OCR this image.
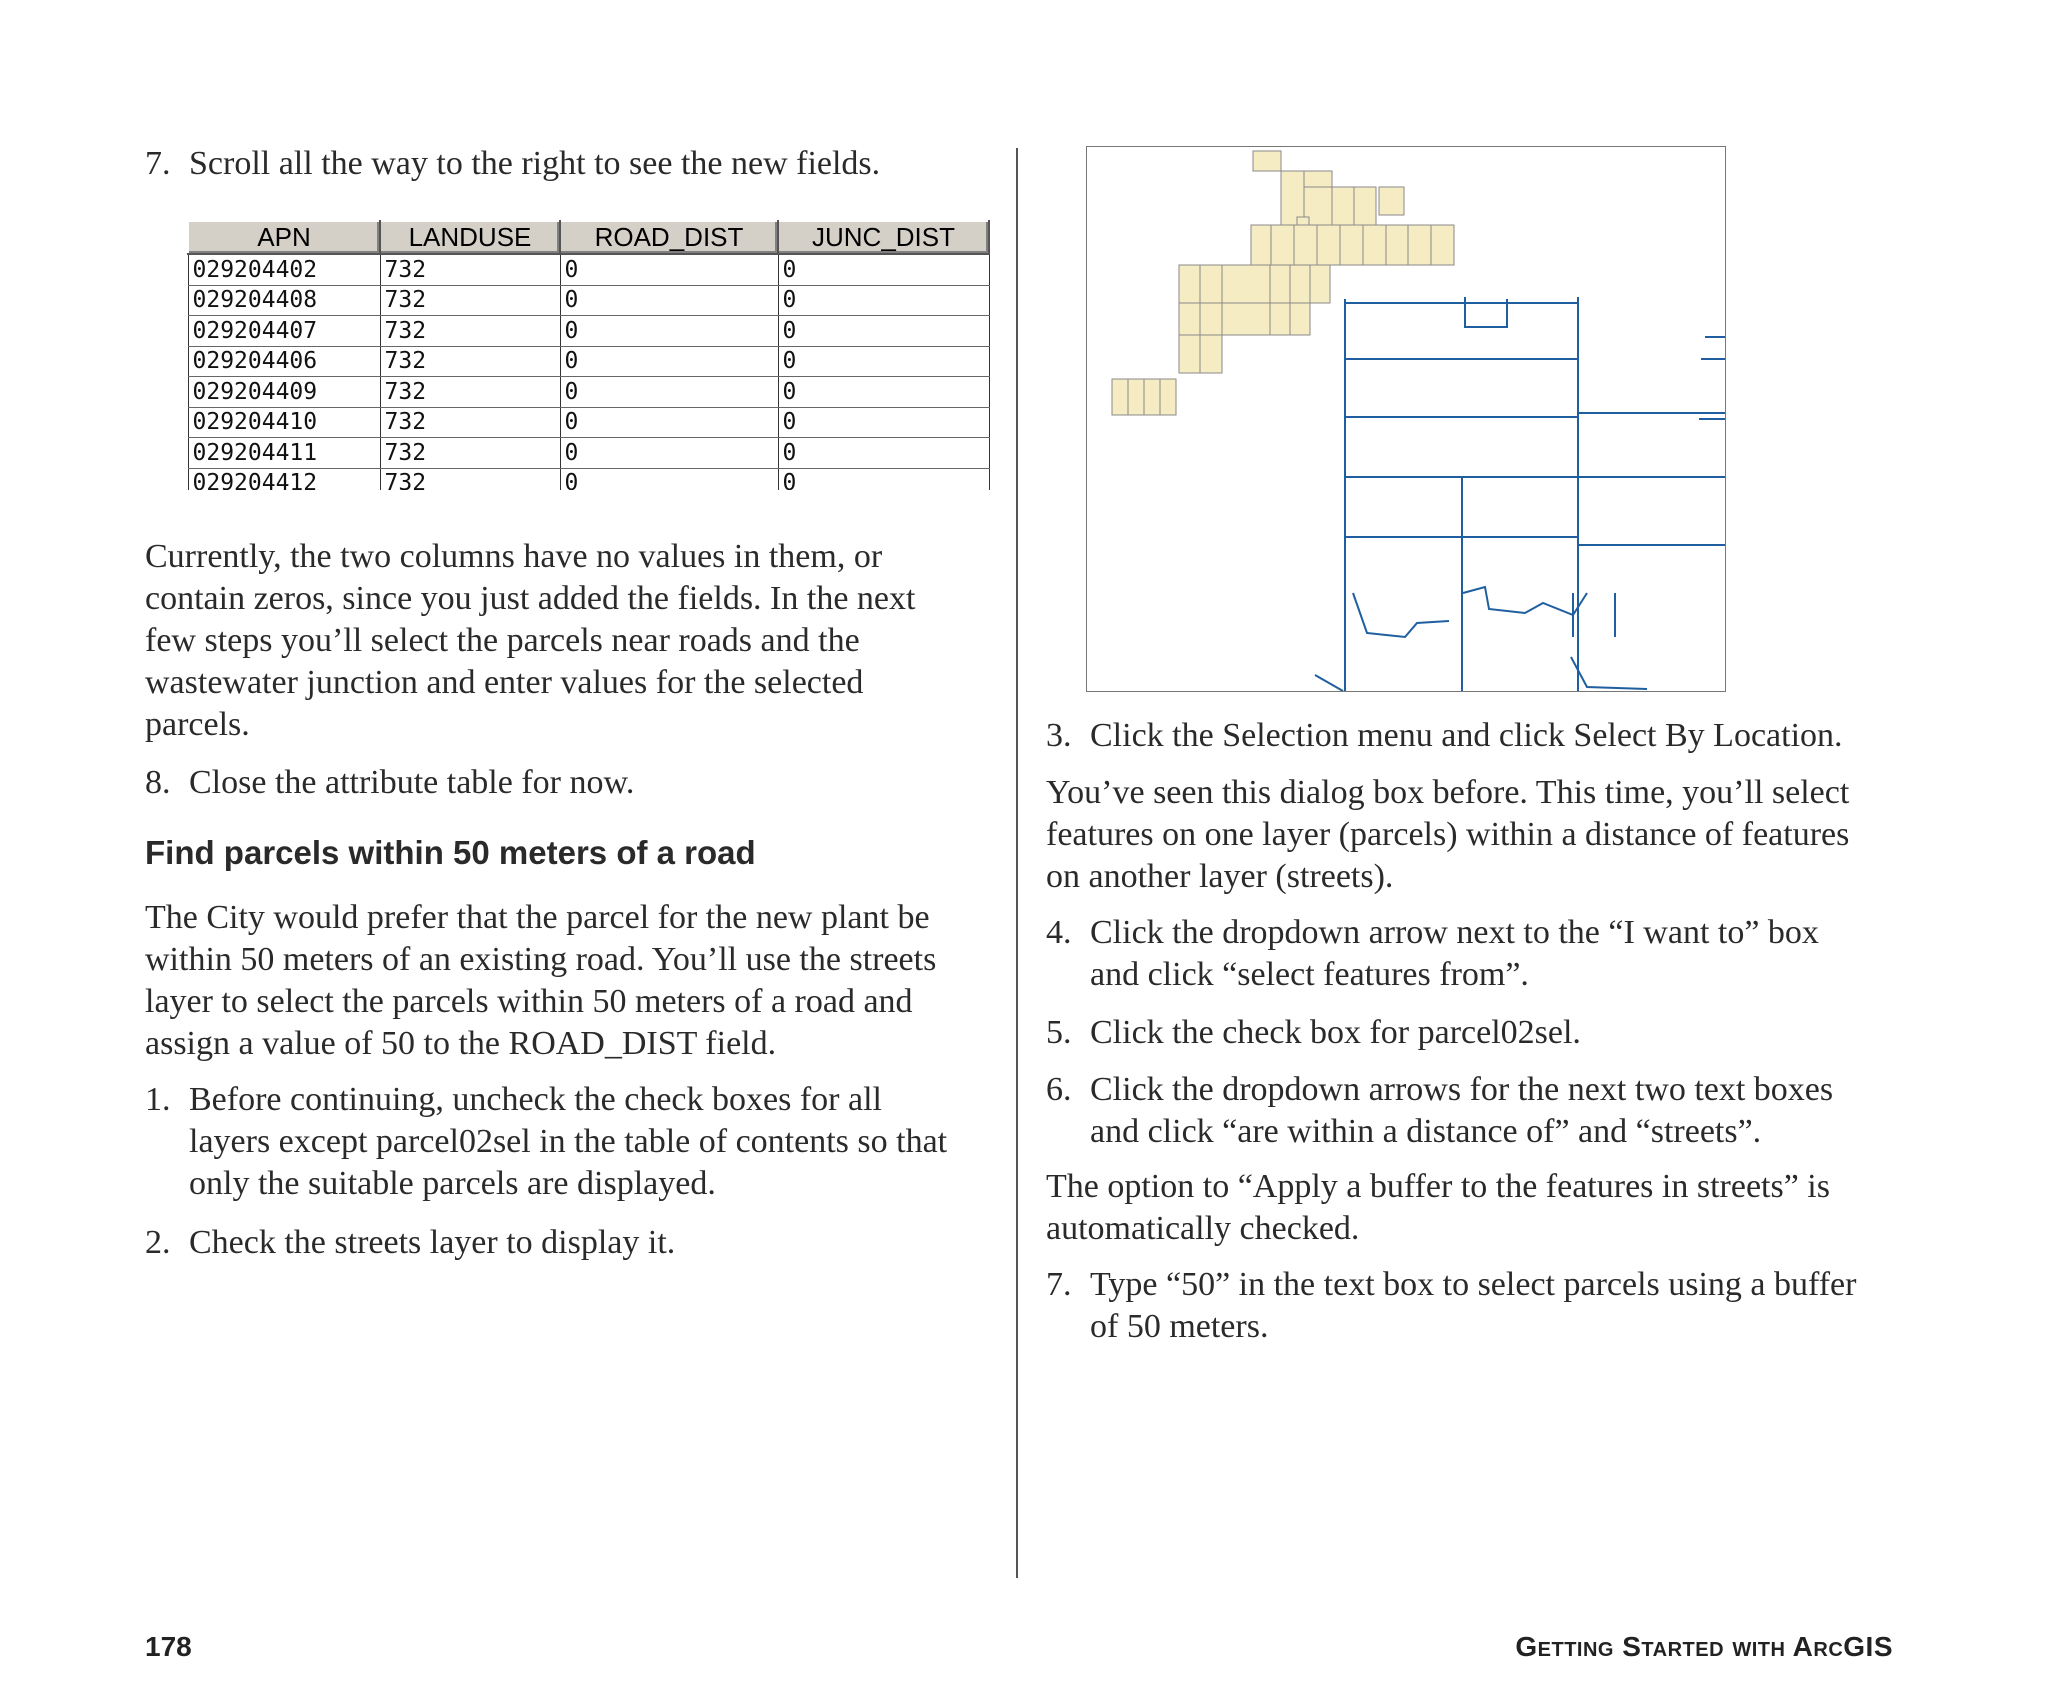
7. Scroll all the way to the right to see the new fields.
APN	LANDUSE	ROAD_DIST	JUNC_DIST
029204402	732	0	0
029204408	732	0	0
029204407	732	0	0
029204406	732	0	0
029204409	732	0	0
029204410	732	0	0
029204411	732	0	0
029204412	732	0	0
Currently, the two columns have no values in them, or
contain zeros, since you just added the fields. In the next
few steps you’ll select the parcels near roads and the
wastewater junction and enter values for the selected
parcels.
8. Close the attribute table for now.
Find parcels within 50 meters of a road
The City would prefer that the parcel for the new plant be
within 50 meters of an existing road. You’ll use the streets
layer to select the parcels within 50 meters of a road and
assign a value of 50 to the ROAD_DIST field.
1. Before continuing, uncheck the check boxes for all
layers except parcel02sel in the table of contents so that
only the suitable parcels are displayed.
2. Check the streets layer to display it.
3. Click the Selection menu and click Select By Location.
You’ve seen this dialog box before. This time, you’ll select
features on one layer (parcels) within a distance of features
on another layer (streets).
4. Click the dropdown arrow next to the “I want to” box
and click “select features from”.
5. Click the check box for parcel02sel.
6. Click the dropdown arrows for the next two text boxes
and click “are within a distance of” and “streets”.
The option to “Apply a buffer to the features in streets” is
automatically checked.
7. Type “50” in the text box to select parcels using a buffer
of 50 meters.
178	Getting Started with ArcGIS
